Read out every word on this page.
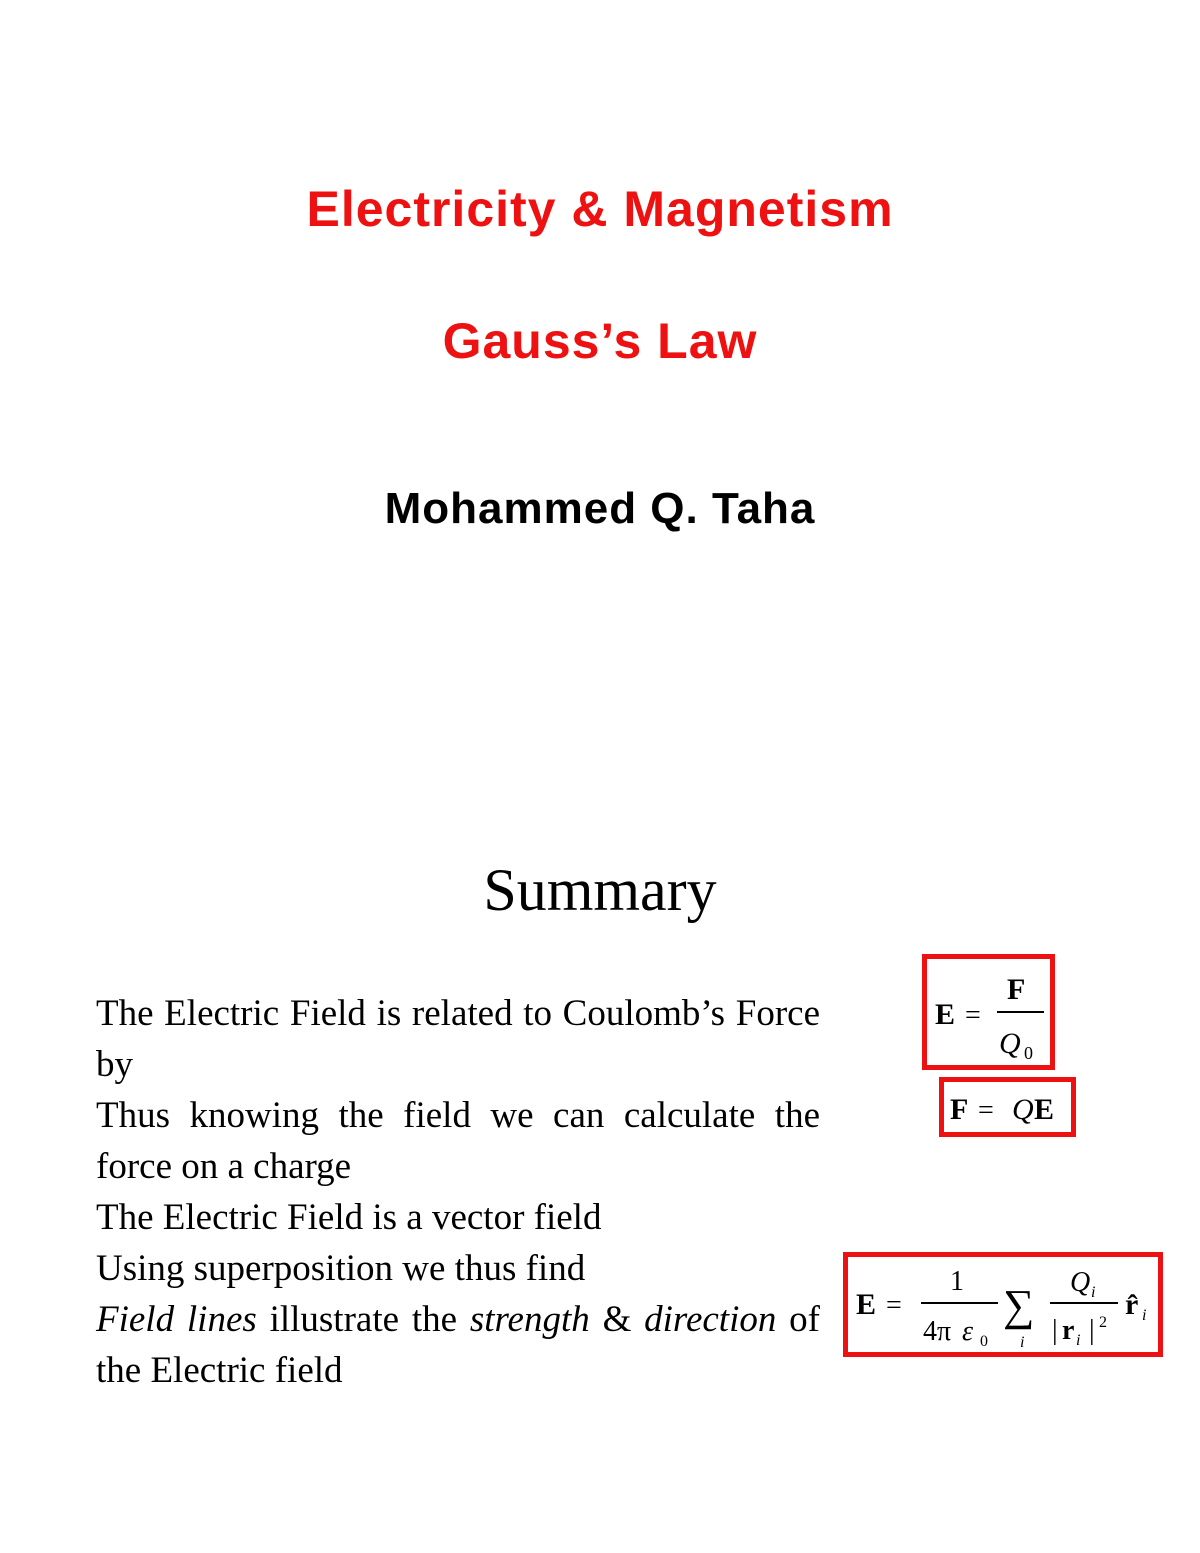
Electricity & Magnetism
Gauss’s Law
Mohammed Q. Taha
Summary

The Electric Field is related to Coulomb’s Force by

Thus knowing the field we can calculate the force on a charge

The Electric Field is a vector field

Using superposition we thus find

Field lines illustrate the strength & direction of the Electric field

E =
F
Q 0
F = Q E
E =
1
4π ε 0
∑
i
Q i
| r i | 2
r̂ i
